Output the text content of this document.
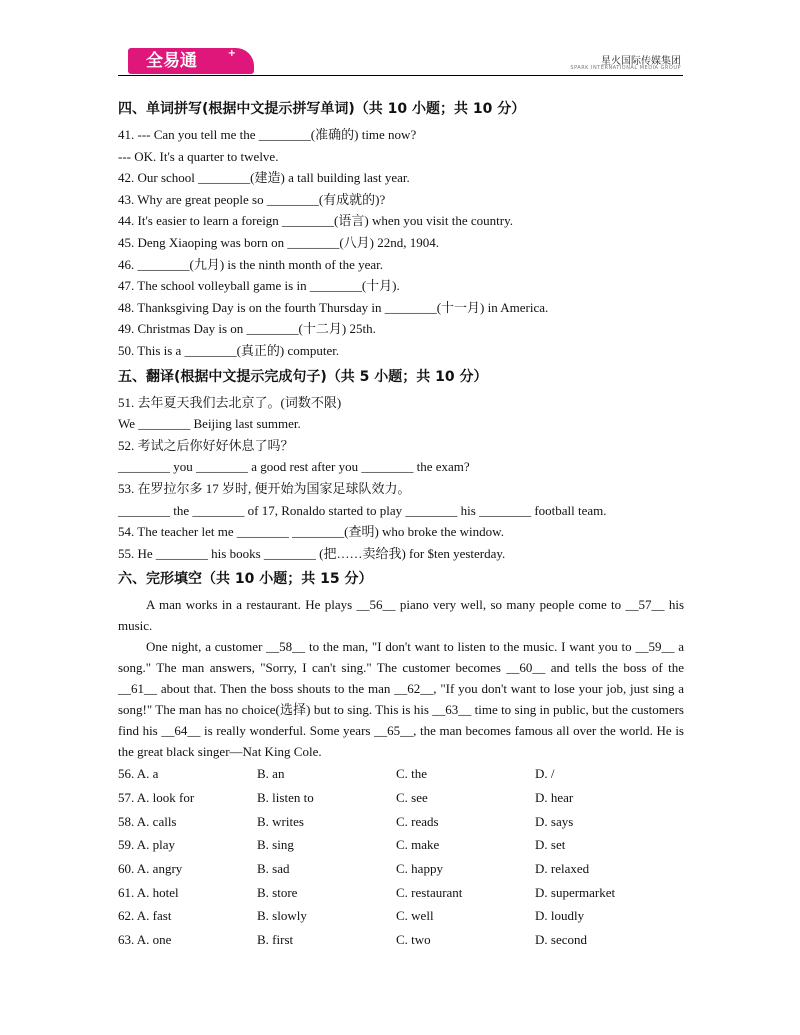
全易通	+
星火国际传媒集团
SPARK INTERNATIONAL MEDIA GROUP
四、单词拼写(根据中文提示拼写单词)（共 10 小题；共 10 分）
41. --- Can you tell me the ________(准确的) time now?
--- OK. It's a quarter to twelve.
42. Our school ________(建造) a tall building last year.
43. Why are great people so ________(有成就的)?
44. It's easier to learn a foreign ________(语言) when you visit the country.
45. Deng Xiaoping was born on ________(八月) 22nd, 1904.
46. ________(九月) is the ninth month of the year.
47. The school volleyball game is in ________(十月).
48. Thanksgiving Day is on the fourth Thursday in ________(十一月) in America.
49. Christmas Day is on ________(十二月) 25th.
50. This is a ________(真正的) computer.
五、翻译(根据中文提示完成句子)（共 5 小题；共 10 分）
51. 去年夏天我们去北京了。(词数不限)
We ________ Beijing last summer.
52. 考试之后你好好休息了吗？
________ you ________ a good rest after you ________ the exam?
53. 在罗拉尔多 17 岁时, 便开始为国家足球队效力。
________ the ________ of 17, Ronaldo started to play ________ his ________ football team.
54. The teacher let me ________ ________(查明) who broke the window.
55. He ________ his books ________ (把……卖给我) for $ten yesterday.
六、完形填空（共 10 小题；共 15 分）
A man works in a restaurant. He plays __56__ piano very well, so many people come to __57__ his music.
One night, a customer __58__ to the man, "I don't want to listen to the music. I want you to __59__ a song." The man answers, "Sorry, I can't sing." The customer becomes __60__ and tells the boss of the __61__ about that. Then the boss shouts to the man __62__, "If you don't want to lose your job, just sing a song!" The man has no choice(选择) but to sing. This is his __63__ time to sing in public, but the customers find his __64__ is really wonderful. Some years __65__, the man becomes famous all over the world. He is the great black singer—Nat King Cole.
56. A. a	B. an	C. the	D. /
57. A. look for	B. listen to	C. see	D. hear
58. A. calls	B. writes	C. reads	D. says
59. A. play	B. sing	C. make	D. set
60. A. angry	B. sad	C. happy	D. relaxed
61. A. hotel	B. store	C. restaurant	D. supermarket
62. A. fast	B. slowly	C. well	D. loudly
63. A. one	B. first	C. two	D. second
